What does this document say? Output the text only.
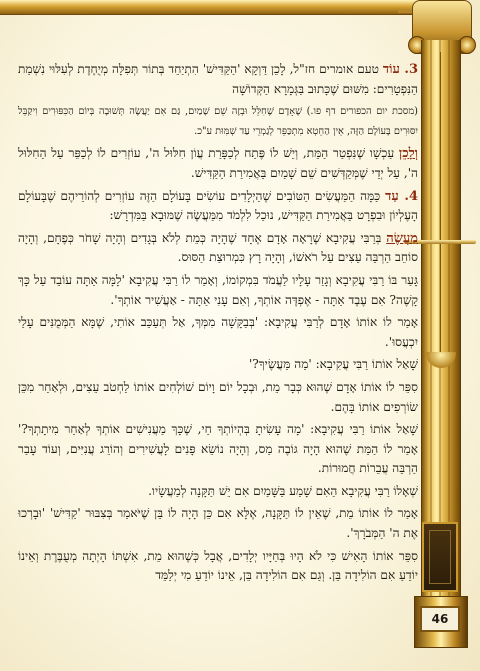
46

3. עוֹד טעם אומרים חז"ל, לָכֵן דַּוְקָא 'הַקַּדִּישׁ' הִתְיַחֵד בְּתוֹר תְּפִלָּה מְיֻחֶדֶת לְעִלּוּי נִשְׁמַת הַנִּפְטָרִים: מִשּׁוּם שֶׁכָּתוּב בַּגְּמָרָא הַקְּדוֹשָׁה

(מסכת יום הכפורים דף פו.) שֶׁאָדָם שֶׁחִלֵּל וּבְזֶה שֵׁם שָׁמַיִם, גַּם אִם יַעֲשֶׂה תְּשׁוּבָה בְּיוֹם הַכִּפּוּרִים וִיקַבֵּל יִסּוּרִים בָּעוֹלָם הַזֶּה, אֵין הַחֵטְא מִתְכַּפֵּר לְגַמְרֵי עַד שְׁמִּוּת ע"כ.

וְלָכֵן עַכְשָׁו שֶׁנִּפְטַר הַמֵּת, וְיֵשׁ לוֹ פֶּתַח לְכַפָּרַת עֲוֹן חִלּוּל ה', עוֹזְרִים לוֹ לְכַפֵּר עַל הַחִלּוּל ה', עַל יְדֵי שֶׁמְּקַדְּשִׁים שֵׁם שָׁמַיִם בַּאֲמִירַת הַקַּדִּישׁ.

4. עַד כַּמָּה הַמַּעֲשִׂים הַטּוֹבִים שֶׁהַיְלָדִים עוֹשִׂים בָּעוֹלָם הַזֶּה עוֹזְרִים לְהוֹרֵיהֶם שֶׁבָּעוֹלָם הָעֶלְיוֹן וּבִפְרָט בַּאֲמִירַת הַקַּדִּישׁ, נוּכַל לִלְמֹד מִמַּעֲשֶׂה שֶׁמּוּבָא בַּמִּדְרָשׁ:

מַעֲשֶׂה בְּרַבִּי עֲקִיבָא שֶׁרָאָה אָדָם אֶחָד שֶׁהָיָה כְּמֵת לְלֹא בְּגָדִים וְהָיָה שָׁחֹר כְּפֶחָם, וְהָיָה סוֹחֵב הַרְבֵּה עֵצִים עַל רֹאשׁוֹ, וְהָיָה רָץ כִּמְרוּצַת הַסּוּס.

גָּעַר בּוֹ רַבִּי עֲקִיבָא וְגָזַר עָלָיו לַעֲמֹד בִּמְקוֹמוֹ, וְאָמַר לוֹ רַבִּי עֲקִיבָא 'לָמָּה אַתָּה עוֹבֵד עַל כָּךְ קָשֶׁה? אִם עֶבֶד אַתָּה - אֶפְדֶּה אוֹתְךָ, וְאִם עָנִי אַתָּה - אַעֲשִׁיר אוֹתְךָ'.

אָמַר לוֹ אוֹתוֹ אָדָם לְרַבִּי עֲקִיבָא: 'בְּבַקָּשָׁה מִמְּךָ, אַל תְּעַכֵּב אוֹתִי, שֶׁמָּא הַמְּמֻנִּים עָלַי יִכְעֲסוּ'.

שָׁאַל אוֹתוֹ רַבִּי עֲקִיבָא: 'מַה מַּעֲשֶׂיךָ?'

סִפֵּר לוֹ אוֹתוֹ אָדָם שֶׁהוּא כְּבָר מֵת, וּבְכָל יוֹם וָיוֹם שׁוֹלְחִים אוֹתוֹ לַחְטֹב עֵצִים, וּלְאַחַר מִכֵּן שׂוֹרְפִים אוֹתוֹ בָּהֶם.

שָׁאַל אוֹתוֹ רַבִּי עֲקִיבָא: 'מָה עָשִׂיתָ בְּהְיוֹתְךָ חַי, שֶׁכָּךְ מַעֲנִישִׁים אוֹתְךָ לְאַחַר מִיתָתְךָ?' אָמַר לוֹ הַמֵּת שֶׁהוּא הָיָה גּוֹבֶה מַס, וְהָיָה נוֹשֵׂא פָּנִים לָעֲשִׁירִים וְהוֹרֵג עֲנִיִּים, וְעוֹד עָבַר הַרְבֵּה עֲבֵרוֹת חֲמוּרוֹת.

שְׁאָלוֹ רַבִּי עֲקִיבָא הַאִם שָׁמַע בַּשָּׁמַיִם אִם יֵשׁ תַּקָּנָה לְמַעֲשָׂיו.

אָמַר לוֹ אוֹתוֹ מֵת, שֶׁאֵין לוֹ תַּקָּנָה, אֶלָּא אִם כֵּן הָיָה לוֹ בֵּן שֶׁיֹּאמַר בְּצִבּוּר 'קַדִּישׁ' 'וּבָרְכוּ אֶת ה' הַמְּבֹרָךְ'.

סִפֵּר אוֹתוֹ הָאִישׁ כִּי לֹא הָיוּ בְּחַיָּיו יְלָדִים, אֲבָל כְּשֶׁהוּא מֵת, אִשְׁתּוֹ הָיְתָה מְעֻבֶּרֶת וְאֵינוֹ יוֹדֵעַ אִם הוֹלִידָה בֵּן. וְגַם אִם הוֹלִידָה בֵּן, אֵינוֹ יוֹדֵעַ מִי יְלַמֵּד
